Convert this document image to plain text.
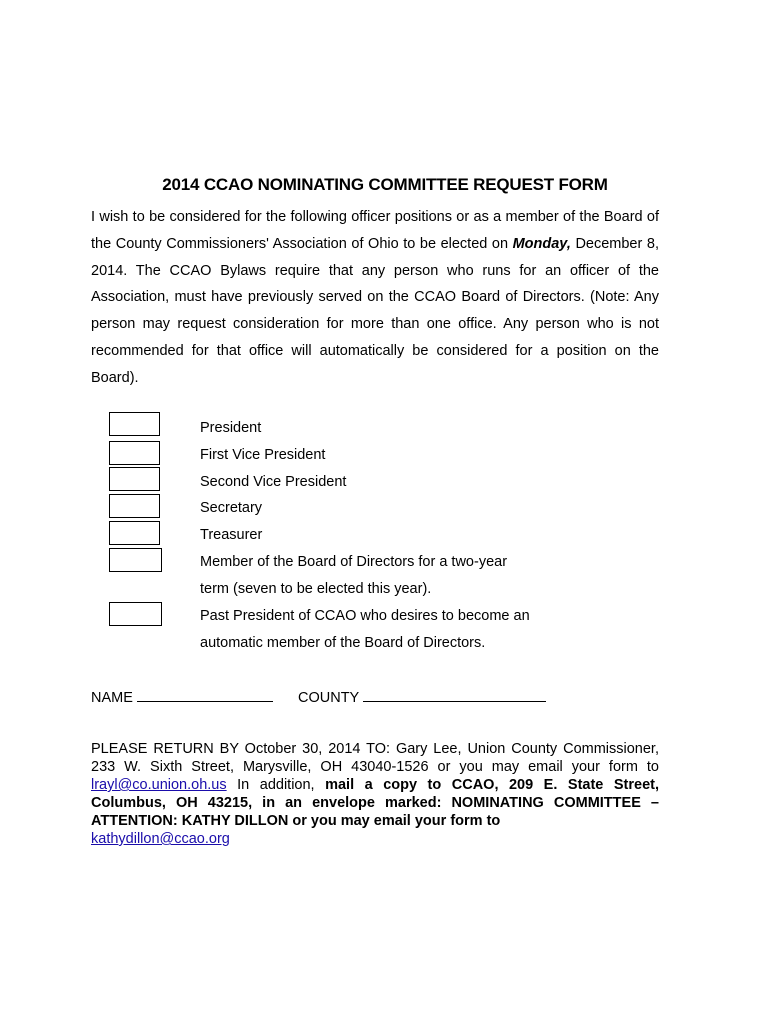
2014 CCAO NOMINATING COMMITTEE REQUEST FORM

I wish to be considered for the following officer positions or as a member of the Board of the County Commissioners' Association of Ohio to be elected on Monday, December 8, 2014. The CCAO Bylaws require that any person who runs for an officer of the Association, must have previously served on the CCAO Board of Directors. (Note: Any person may request consideration for more than one office. Any person who is not recommended for that office will automatically be considered for a position on the Board).

President
First Vice President
Second Vice President
Secretary
Treasurer
Member of the Board of Directors for a two-year
term (seven to be elected this year).
Past President of CCAO who desires to become an
automatic member of the Board of Directors.
NAME	COUNTY

PLEASE RETURN BY October 30, 2014 TO: Gary Lee, Union County Commissioner, 233 W. Sixth Street, Marysville, OH 43040-1526 or you may email your form to lrayl@co.union.oh.us In addition, mail a copy to CCAO, 209 E. State Street, Columbus, OH 43215, in an envelope marked: NOMINATING COMMITTEE – ATTENTION: KATHY DILLON or you may email your form to
kathydillon@ccao.org
